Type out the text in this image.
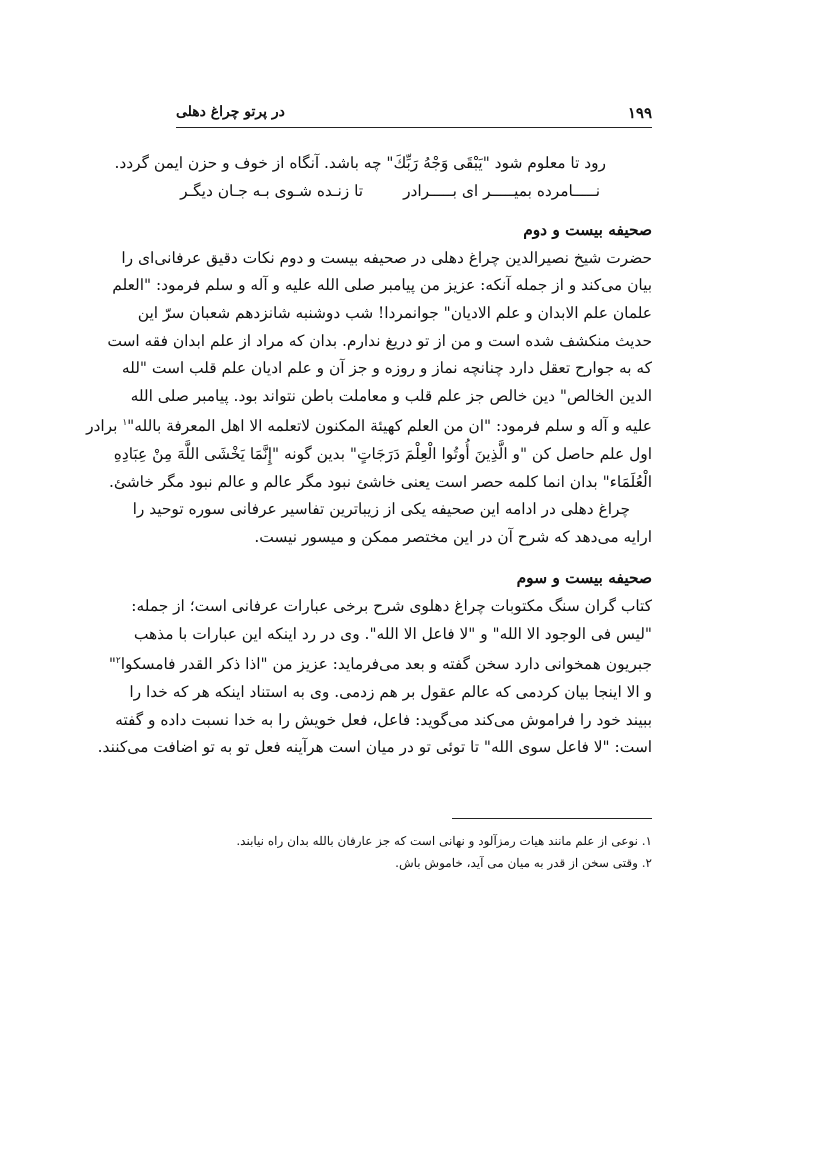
۱۹۹
در پرتو چراغ دهلی
رود تا معلوم شود "يَبْقَى وَجْهُ رَبِّكَ" چه باشد. آنگاه از خوف و حزن ایمن گردد.
نـــــامرده بمیـــــر ای بـــــرادر
تا زنـده شـوی بـه جـان دیگـر
صحیفه بیست و دوم
حضرت شیخ نصیرالدین چراغ دهلی در صحیفه بیست و دوم نکات دقیق عرفانی‌ای را
بیان می‌کند و از جمله آنکه: عزیز من پیامبر صلی الله علیه و آله و سلم فرمود: "العلم
علمان علم الابدان و علم الادیان" جوانمردا! شب دوشنبه شانزدهم شعبان سرّ این
حدیث منکشف شده است و من از تو دریغ ندارم. بدان که مراد از علم ابدان فقه است
که به جوارح تعقل دارد چنانچه نماز و روزه و جز آن و علم ادیان علم قلب است "لله
الدین الخالص" دین خالص جز علم قلب و معاملت باطن نتواند بود. پیامبر صلی الله
علیه و آله و سلم فرمود: "ان من العلم کهیئة المکنون لاتعلمه الا اهل المعرفة بالله"$^۱$ برادر
اول علم حاصل کن "و الَّذِينَ أُوتُوا الْعِلْمَ دَرَجَاتٍ" بدین گونه "إِنَّمَا يَخْشَى اللَّهَ مِنْ عِبَادِهِ
الْعُلَمَاء" بدان انما کلمه حصر است یعنی خاشئ نبود مگر عالم و عالم نبود مگر خاشئ.
چراغ دهلی در ادامه این صحیفه یکی از زیباترین تفاسیر عرفانی سوره توحید را
ارایه می‌دهد که شرح آن در این مختصر ممکن و میسور نیست.
صحیفه بیست و سوم
کتاب گران سنگ مکتوبات چراغ دهلوی شرح برخی عبارات عرفانی است؛ از جمله:
"لیس فی الوجود الا الله" و "لا فاعل الا الله". وی در رد اینکه این عبارات با مذهب
جبریون همخوانی دارد سخن گفته و بعد می‌فرماید: عزیز من "اذا ذکر القدر فامسکوا$^۲$"
و الا اینجا بیان کردمی که عالم عقول بر هم زدمی. وی به استناد اینکه هر که خدا را
ببیند خود را فراموش می‌کند می‌گوید: فاعل، فعل خویش را به خدا نسبت داده و گفته
است: "لا فاعل سوی الله" تا توئی تو در میان است هرآینه فعل تو به تو اضافت می‌کنند.
۱. نوعی از علم مانند هیات رمزآلود و نهانی است که جز عارفان بالله بدان راه نیابند.
۲. وقتی سخن از قدر به میان می آید، خاموش باش.
